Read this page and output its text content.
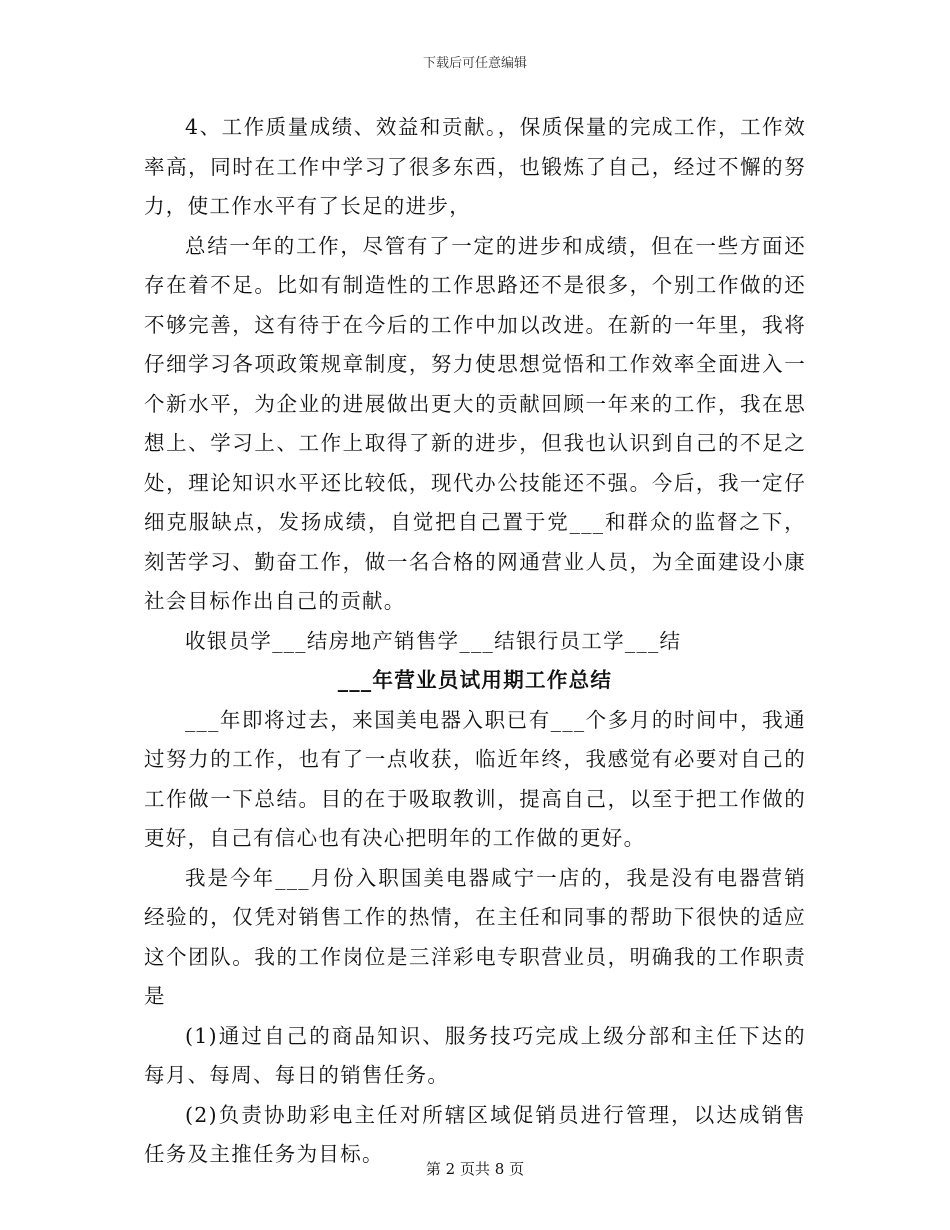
下载后可任意编辑

4、工作质量成绩、效益和贡献。，保质保量的完成工作，工作效率高，同时在工作中学习了很多东西，也锻炼了自己，经过不懈的努力，使工作水平有了长足的进步，

总结一年的工作，尽管有了一定的进步和成绩，但在一些方面还存在着不足。比如有制造性的工作思路还不是很多，个别工作做的还不够完善，这有待于在今后的工作中加以改进。在新的一年里，我将仔细学习各项政策规章制度，努力使思想觉悟和工作效率全面进入一个新水平，为企业的进展做出更大的贡献回顾一年来的工作，我在思想上、学习上、工作上取得了新的进步，但我也认识到自己的不足之处，理论知识水平还比较低，现代办公技能还不强。今后，我一定仔细克服缺点，发扬成绩，自觉把自己置于党___和群众的监督之下，刻苦学习、勤奋工作，做一名合格的网通营业人员，为全面建设小康社会目标作出自己的贡献。

收银员学___结房地产销售学___结银行员工学___结

___年营业员试用期工作总结

___年即将过去，来国美电器入职已有___个多月的时间中，我通过努力的工作，也有了一点收获，临近年终，我感觉有必要对自己的工作做一下总结。目的在于吸取教训，提高自己，以至于把工作做的更好，自己有信心也有决心把明年的工作做的更好。

我是今年___月份入职国美电器咸宁一店的，我是没有电器营销经验的，仅凭对销售工作的热情，在主任和同事的帮助下很快的适应这个团队。我的工作岗位是三洋彩电专职营业员，明确我的工作职责是

(1)通过自己的商品知识、服务技巧完成上级分部和主任下达的每月、每周、每日的销售任务。

(2)负责协助彩电主任对所辖区域促销员进行管理，以达成销售任务及主推任务为目标。

第 2 页共 8 页
